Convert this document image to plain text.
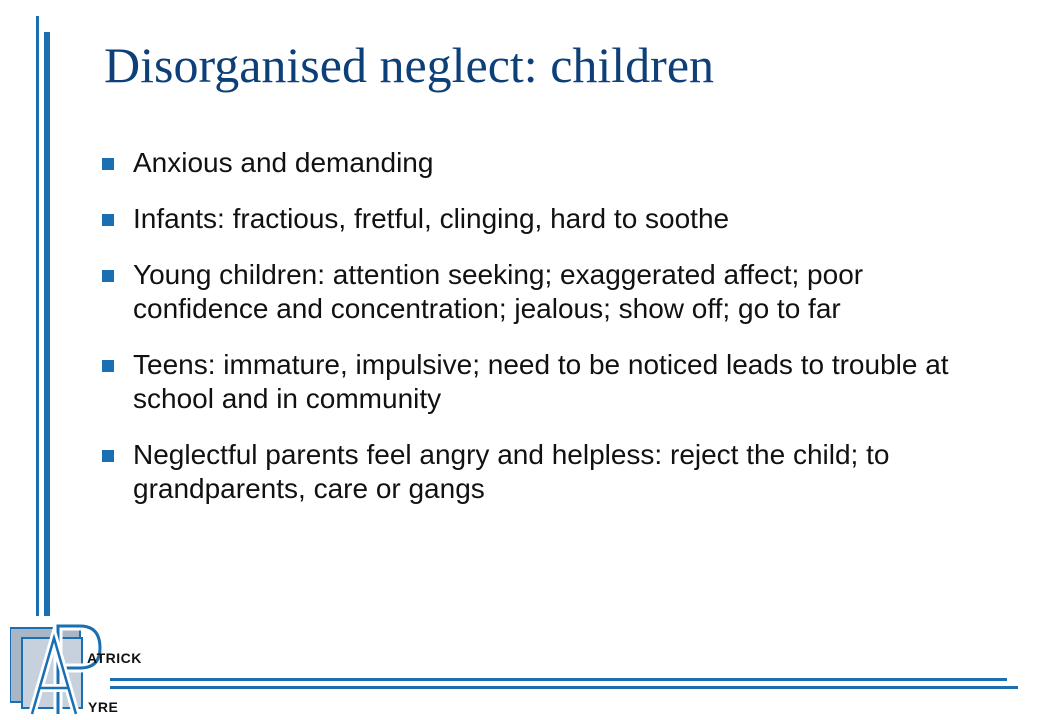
Disorganised neglect: children
Anxious and demanding
Infants: fractious, fretful, clinging, hard to soothe
Young children: attention seeking; exaggerated affect; poor confidence and concentration; jealous; show off; go to far
Teens: immature, impulsive; need to be noticed leads to trouble at school and in community
Neglectful parents feel angry and helpless: reject the child; to grandparents, care or gangs
ATRICK
YRE
